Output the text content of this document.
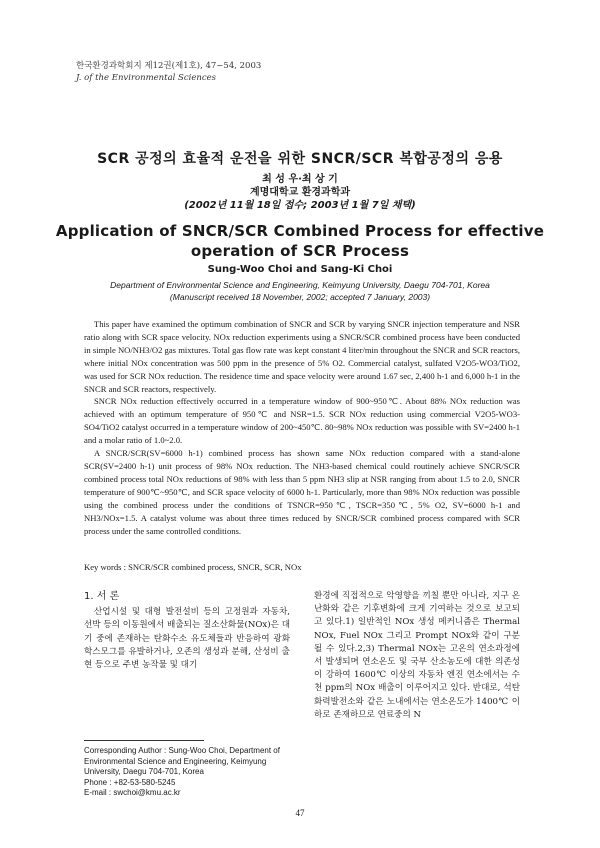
한국환경과학회지 제12권(제1호), 47~54, 2003
J. of the Environmental Sciences
SCR 공정의 효율적 운전을 위한 SNCR/SCR 복합공정의 응용
최 성 우·최 상 기
계명대학교 환경과학과
(2002년 11월 18일 접수; 2003년 1월 7일 채택)
Application of SNCR/SCR Combined Process for effective
operation of SCR Process
Sung-Woo Choi and Sang-Ki Choi
Department of Environmental Science and Engineering, Keimyung University, Daegu 704-701, Korea
(Manuscript received 18 November, 2002; accepted 7 January, 2003)

This paper have examined the optimum combination of SNCR and SCR by varying SNCR injection temperature and NSR ratio along with SCR space velocity. NOx reduction experiments using a SNCR/SCR combined process have been conducted in simple NO/NH3/O2 gas mixtures. Total gas flow rate was kept constant 4 liter/min throughout the SNCR and SCR reactors, where initial NOx concentration was 500 ppm in the presence of 5% O2. Commercial catalyst, sulfated V2O5-WO3/TiO2, was used for SCR NOx reduction. The residence time and space velocity were around 1.67 sec, 2,400 h-1 and 6,000 h-1 in the SNCR and SCR reactors, respectively.

SNCR NOx reduction effectively occurred in a temperature window of 900~950℃. About 88% NOx reduction was achieved with an optimum temperature of 950℃ and NSR=1.5. SCR NOx reduction using commercial V2O5-WO3-SO4/TiO2 catalyst occurred in a temperature window of 200~450℃. 80~98% NOx reduction was possible with SV=2400 h-1 and a molar ratio of 1.0~2.0.

A SNCR/SCR(SV=6000 h-1) combined process has shown same NOx reduction compared with a stand-alone SCR(SV=2400 h-1) unit process of 98% NOx reduction. The NH3-based chemical could routinely achieve SNCR/SCR combined process total NOx reductions of 98% with less than 5 ppm NH3 slip at NSR ranging from about 1.5 to 2.0, SNCR temperature of 900℃~950℃, and SCR space velocity of 6000 h-1. Particularly, more than 98% NOx reduction was possible using the combined process under the conditions of TSNCR=950℃, TSCR=350℃, 5% O2, SV=6000 h-1 and NH3/NOx=1.5. A catalyst volume was about three times reduced by SNCR/SCR combined process compared with SCR process under the same controlled conditions.

Key words : SNCR/SCR combined process, SNCR, SCR, NOx
1. 서 론

산업시설 및 대형 발전설비 등의 고정원과 자동차, 선박 등의 이동원에서 배출되는 질소산화물(NOx)은 대기 중에 존재하는 탄화수소 유도체들과 반응하여 광화학스모그를 유발하거나, 오존의 생성과 분해, 산성비 출현 등으로 주변 농작물 및 대기

환경에 직접적으로 악영향을 끼칠 뿐만 아니라, 지구 온난화와 같은 기후변화에 크게 기여하는 것으로 보고되고 있다.1) 일반적인 NOx 생성 메커니즘은 Thermal NOx, Fuel NOx 그리고 Prompt NOx와 같이 구분될 수 있다.2,3) Thermal NOx는 고온의 연소과정에서 발생되며 연소온도 및 국부 산소농도에 대한 의존성이 강하여 1600℃ 이상의 자동차 엔진 연소에서는 수 천 ppm의 NOx 배출이 이루어지고 있다. 반대로, 석탄화력발전소와 같은 노내에서는 연소온도가 1400℃ 이하로 존재하므로 연료중의 N

Corresponding Author : Sung-Woo Choi, Department of Environmental Science and Engineering, Keimyung University, Daegu 704-701, Korea

Phone : +82-53-580-5245

E-mail : swchoi@kmu.ac.kr

47
